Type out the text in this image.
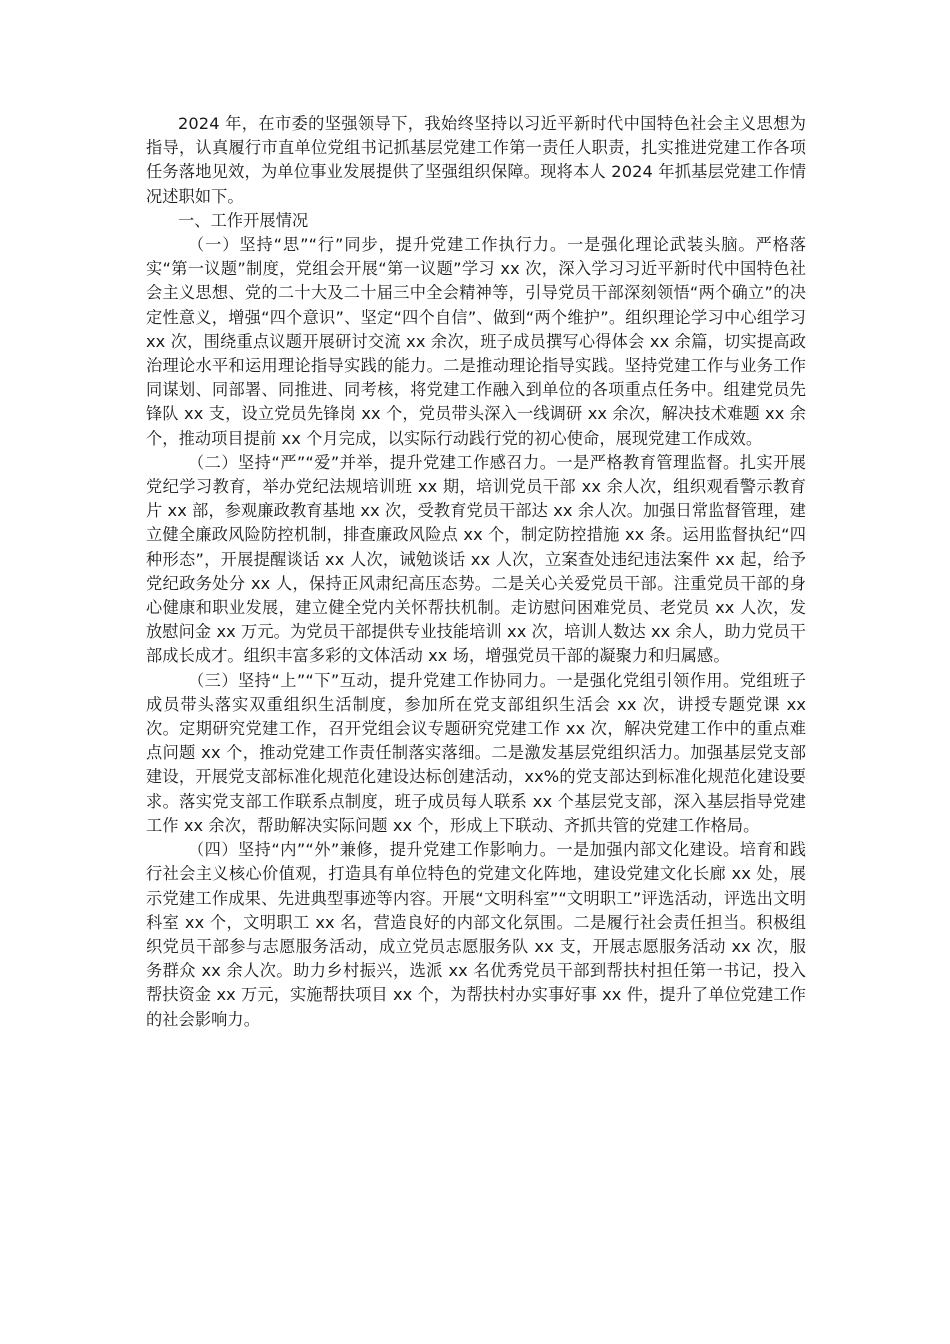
2024 年，在市委的坚强领导下，我始终坚持以习近平新时代中国特色社会主义思想为指导，认真履行市直单位党组书记抓基层党建工作第一责任人职责，扎实推进党建工作各项任务落地见效，为单位事业发展提供了坚强组织保障。现将本人 2024 年抓基层党建工作情况述职如下。

一、工作开展情况

（一）坚持“思”“行”同步，提升党建工作执行力。一是强化理论武装头脑。严格落实“第一议题”制度，党组会开展“第一议题”学习 xx 次，深入学习习近平新时代中国特色社会主义思想、党的二十大及二十届三中全会精神等，引导党员干部深刻领悟“两个确立”的决定性意义，增强“四个意识”、坚定“四个自信”、做到“两个维护”。组织理论学习中心组学习 xx 次，围绕重点议题开展研讨交流 xx 余次，班子成员撰写心得体会 xx 余篇，切实提高政治理论水平和运用理论指导实践的能力。二是推动理论指导实践。坚持党建工作与业务工作同谋划、同部署、同推进、同考核，将党建工作融入到单位的各项重点任务中。组建党员先锋队 xx 支，设立党员先锋岗 xx 个，党员带头深入一线调研 xx 余次，解决技术难题 xx 余个，推动项目提前 xx 个月完成，以实际行动践行党的初心使命，展现党建工作成效。

（二）坚持“严”“爱”并举，提升党建工作感召力。一是严格教育管理监督。扎实开展党纪学习教育，举办党纪法规培训班 xx 期，培训党员干部 xx 余人次，组织观看警示教育片 xx 部，参观廉政教育基地 xx 次，受教育党员干部达 xx 余人次。加强日常监督管理，建立健全廉政风险防控机制，排查廉政风险点 xx 个，制定防控措施 xx 条。运用监督执纪“四种形态”，开展提醒谈话 xx 人次，诫勉谈话 xx 人次，立案查处违纪违法案件 xx 起，给予党纪政务处分 xx 人，保持正风肃纪高压态势。二是关心关爱党员干部。注重党员干部的身心健康和职业发展，建立健全党内关怀帮扶机制。走访慰问困难党员、老党员 xx 人次，发放慰问金 xx 万元。为党员干部提供专业技能培训 xx 次，培训人数达 xx 余人，助力党员干部成长成才。组织丰富多彩的文体活动 xx 场，增强党员干部的凝聚力和归属感。

（三）坚持“上”“下”互动，提升党建工作协同力。一是强化党组引领作用。党组班子成员带头落实双重组织生活制度，参加所在党支部组织生活会 xx 次，讲授专题党课 xx 次。定期研究党建工作，召开党组会议专题研究党建工作 xx 次，解决党建工作中的重点难点问题 xx 个，推动党建工作责任制落实落细。二是激发基层党组织活力。加强基层党支部建设，开展党支部标准化规范化建设达标创建活动，xx%的党支部达到标准化规范化建设要求。落实党支部工作联系点制度，班子成员每人联系 xx 个基层党支部，深入基层指导党建工作 xx 余次，帮助解决实际问题 xx 个，形成上下联动、齐抓共管的党建工作格局。

（四）坚持“内”“外”兼修，提升党建工作影响力。一是加强内部文化建设。培育和践行社会主义核心价值观，打造具有单位特色的党建文化阵地，建设党建文化长廊 xx 处，展示党建工作成果、先进典型事迹等内容。开展“文明科室”“文明职工”评选活动，评选出文明科室 xx 个，文明职工 xx 名，营造良好的内部文化氛围。二是履行社会责任担当。积极组织党员干部参与志愿服务活动，成立党员志愿服务队 xx 支，开展志愿服务活动 xx 次，服务群众 xx 余人次。助力乡村振兴，选派 xx 名优秀党员干部到帮扶村担任第一书记，投入帮扶资金 xx 万元，实施帮扶项目 xx 个，为帮扶村办实事好事 xx 件，提升了单位党建工作的社会影响力。
